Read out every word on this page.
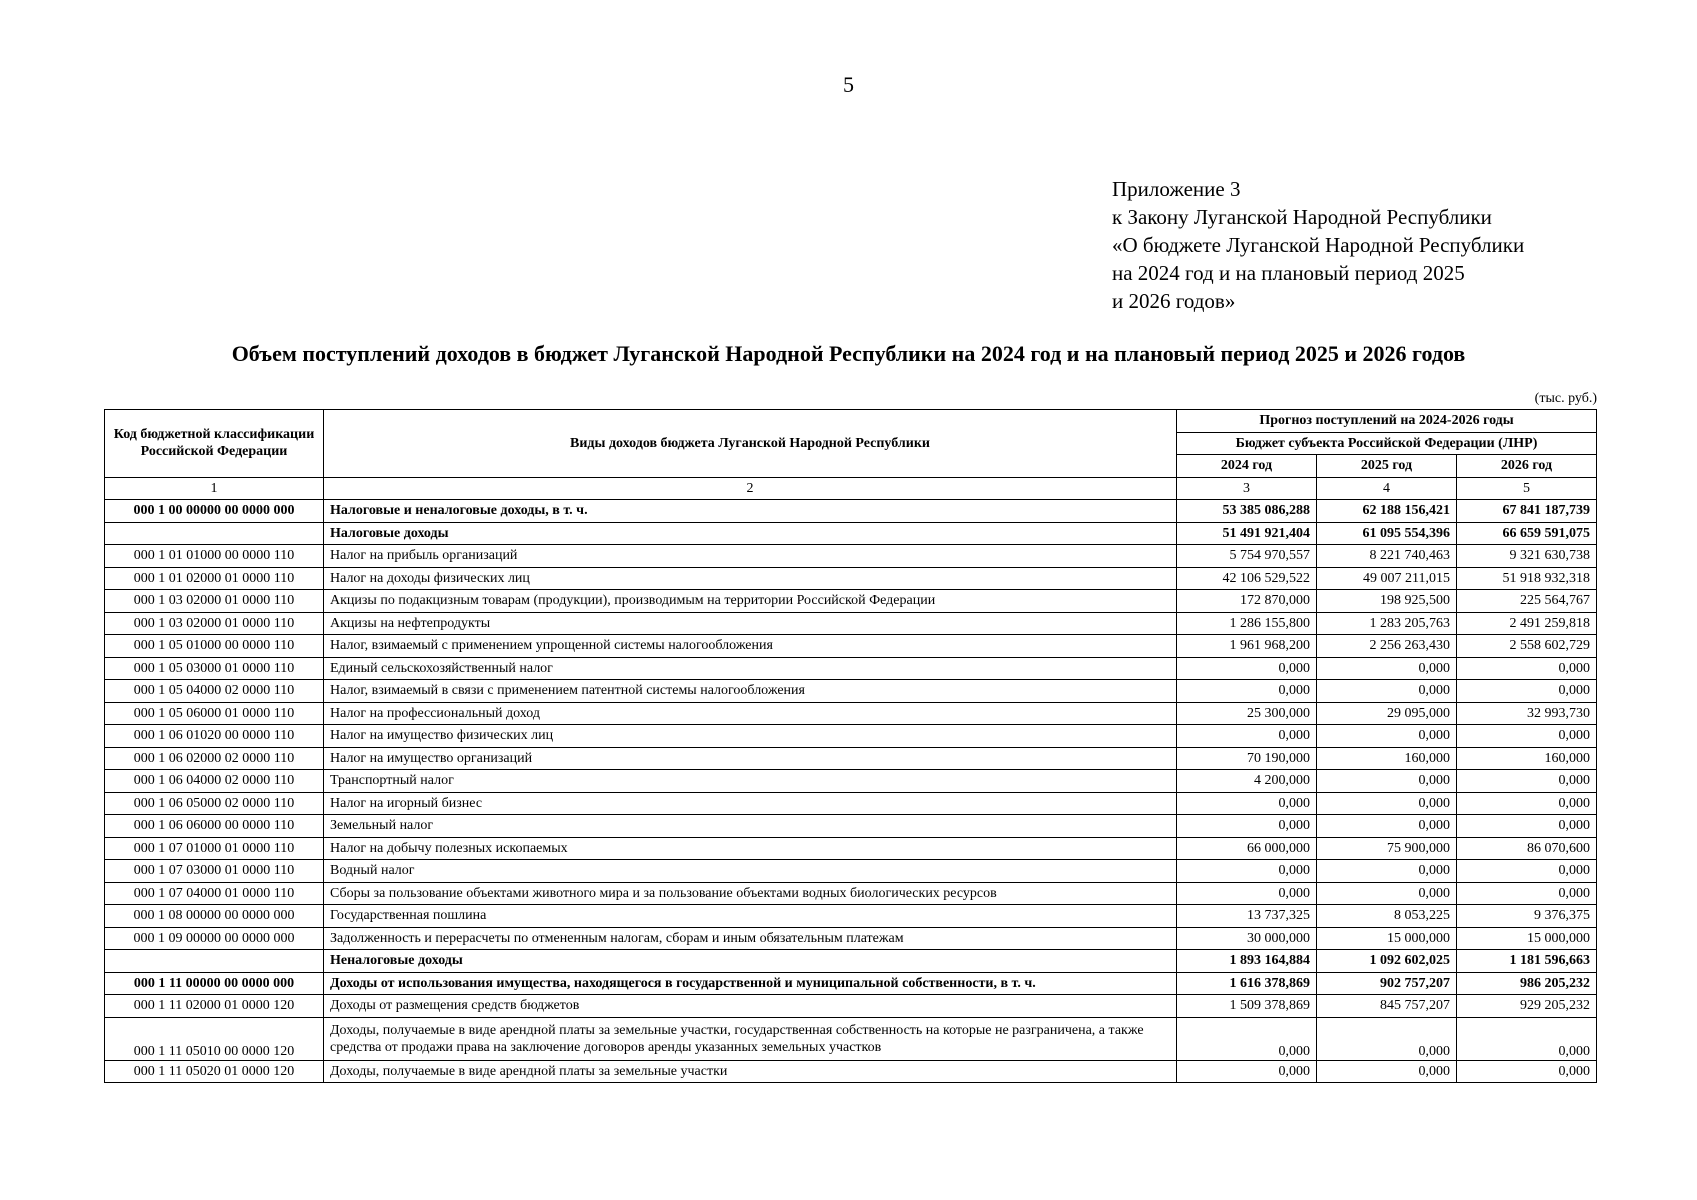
5
Приложение 3
к Закону Луганской Народной Республики
«О бюджете Луганской Народной Республики
на 2024 год и на плановый период 2025
и 2026 годов»
Объем поступлений доходов в бюджет Луганской Народной Республики на 2024 год и на плановый период 2025 и 2026 годов
(тыс. руб.)
Код бюджетной классификации Российской Федерации	Виды доходов бюджета Луганской Народной Республики	Прогноз поступлений на 2024-2026 годы		
		Бюджет субъекта Российской Федерации (ЛНР)		
		2024 год	2025 год	2026 год
1	2	3	4	5
000 1 00 00000 00 0000 000	Налоговые и неналоговые доходы, в т. ч.	53 385 086,288	62 188 156,421	67 841 187,739
	Налоговые доходы	51 491 921,404	61 095 554,396	66 659 591,075
000 1 01 01000 00 0000 110	Налог на прибыль организаций	5 754 970,557	8 221 740,463	9 321 630,738
000 1 01 02000 01 0000 110	Налог на доходы физических лиц	42 106 529,522	49 007 211,015	51 918 932,318
000 1 03 02000 01 0000 110	Акцизы по подакцизным товарам (продукции), производимым на территории Российской Федерации	172 870,000	198 925,500	225 564,767
000 1 03 02000 01 0000 110	Акцизы на нефтепродукты	1 286 155,800	1 283 205,763	2 491 259,818
000 1 05 01000 00 0000 110	Налог, взимаемый с применением упрощенной системы налогообложения	1 961 968,200	2 256 263,430	2 558 602,729
000 1 05 03000 01 0000 110	Единый сельскохозяйственный налог	0,000	0,000	0,000
000 1 05 04000 02 0000 110	Налог, взимаемый в связи с применением патентной системы налогообложения	0,000	0,000	0,000
000 1 05 06000 01 0000 110	Налог на профессиональный доход	25 300,000	29 095,000	32 993,730
000 1 06 01020 00 0000 110	Налог на имущество физических лиц	0,000	0,000	0,000
000 1 06 02000 02 0000 110	Налог на имущество организаций	70 190,000	160,000	160,000
000 1 06 04000 02 0000 110	Транспортный налог	4 200,000	0,000	0,000
000 1 06 05000 02 0000 110	Налог на игорный бизнес	0,000	0,000	0,000
000 1 06 06000 00 0000 110	Земельный налог	0,000	0,000	0,000
000 1 07 01000 01 0000 110	Налог на добычу полезных ископаемых	66 000,000	75 900,000	86 070,600
000 1 07 03000 01 0000 110	Водный налог	0,000	0,000	0,000
000 1 07 04000 01 0000 110	Сборы за пользование объектами животного мира и за пользование объектами водных биологических ресурсов	0,000	0,000	0,000
000 1 08 00000 00 0000 000	Государственная пошлина	13 737,325	8 053,225	9 376,375
000 1 09 00000 00 0000 000	Задолженность и перерасчеты по отмененным налогам, сборам и иным обязательным платежам	30 000,000	15 000,000	15 000,000
	Неналоговые доходы	1 893 164,884	1 092 602,025	1 181 596,663
000 1 11 00000 00 0000 000	Доходы от использования имущества, находящегося в государственной и муниципальной собственности, в т. ч.	1 616 378,869	902 757,207	986 205,232
000 1 11 02000 01 0000 120	Доходы от размещения средств бюджетов	1 509 378,869	845 757,207	929 205,232
000 1 11 05010 00 0000 120	Доходы, получаемые в виде арендной платы за земельные участки, государственная собственность на которые не разграничена, а также средства от продажи права на заключение договоров аренды указанных земельных участков	0,000	0,000	0,000
000 1 11 05020 01 0000 120	Доходы, получаемые в виде арендной платы за земельные участки	0,000	0,000	0,000
